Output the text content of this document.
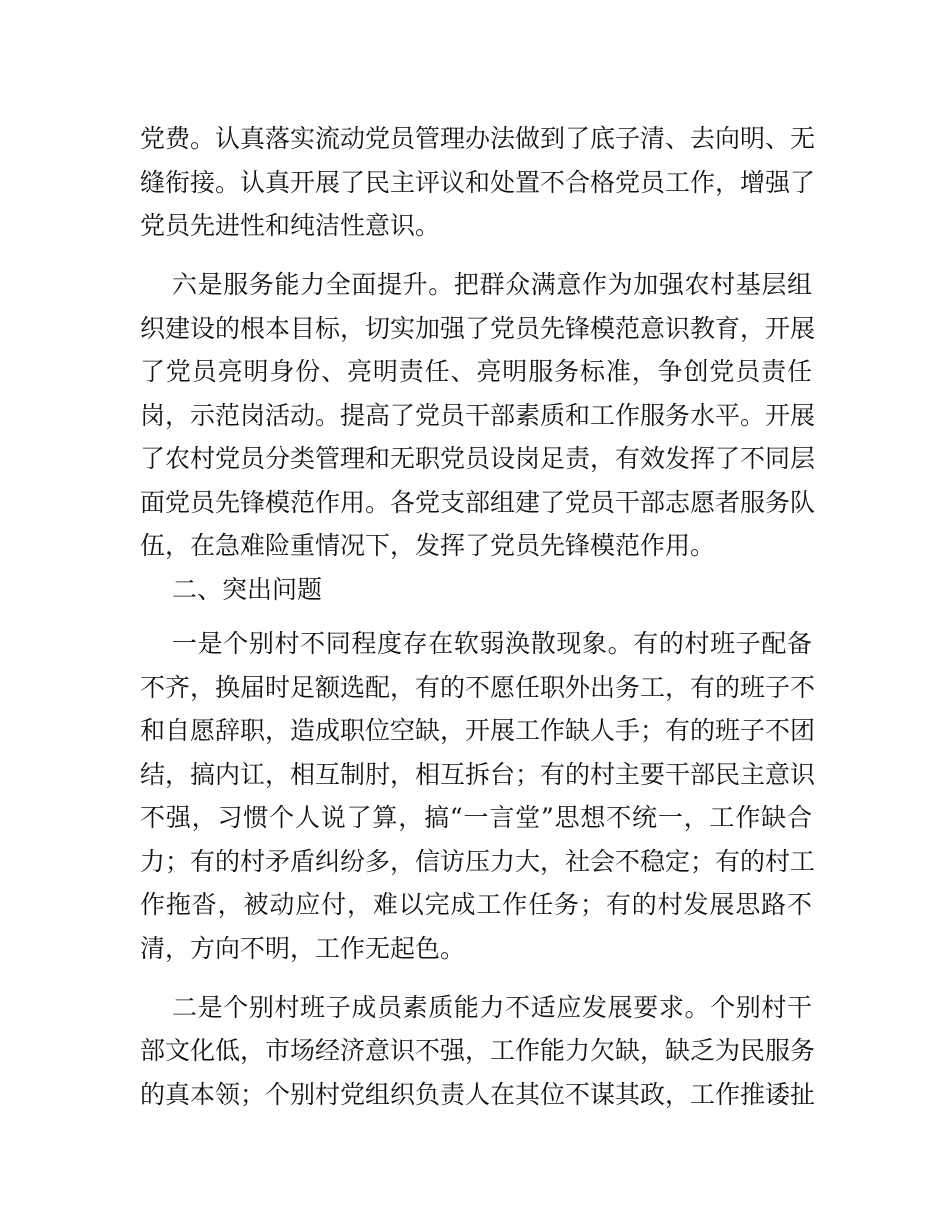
党费。认真落实流动党员管理办法做到了底子清、去向明、无
缝衔接。认真开展了民主评议和处置不合格党员工作，增强了
党员先进性和纯洁性意识。
六是服务能力全面提升。把群众满意作为加强农村基层组
织建设的根本目标，切实加强了党员先锋模范意识教育，开展
了党员亮明身份、亮明责任、亮明服务标准，争创党员责任
岗，示范岗活动。提高了党员干部素质和工作服务水平。开展
了农村党员分类管理和无职党员设岗足责，有效发挥了不同层
面党员先锋模范作用。各党支部组建了党员干部志愿者服务队
伍，在急难险重情况下，发挥了党员先锋模范作用。
二、突出问题
一是个别村不同程度存在软弱涣散现象。有的村班子配备
不齐，换届时足额选配，有的不愿任职外出务工，有的班子不
和自愿辞职，造成职位空缺，开展工作缺人手；有的班子不团
结，搞内讧，相互制肘，相互拆台；有的村主要干部民主意识
不强，习惯个人说了算，搞“一言堂”思想不统一，工作缺合
力；有的村矛盾纠纷多，信访压力大，社会不稳定；有的村工
作拖沓，被动应付，难以完成工作任务；有的村发展思路不
清，方向不明，工作无起色。
二是个别村班子成员素质能力不适应发展要求。个别村干
部文化低，市场经济意识不强，工作能力欠缺，缺乏为民服务
的真本领；个别村党组织负责人在其位不谋其政，工作推诿扯
